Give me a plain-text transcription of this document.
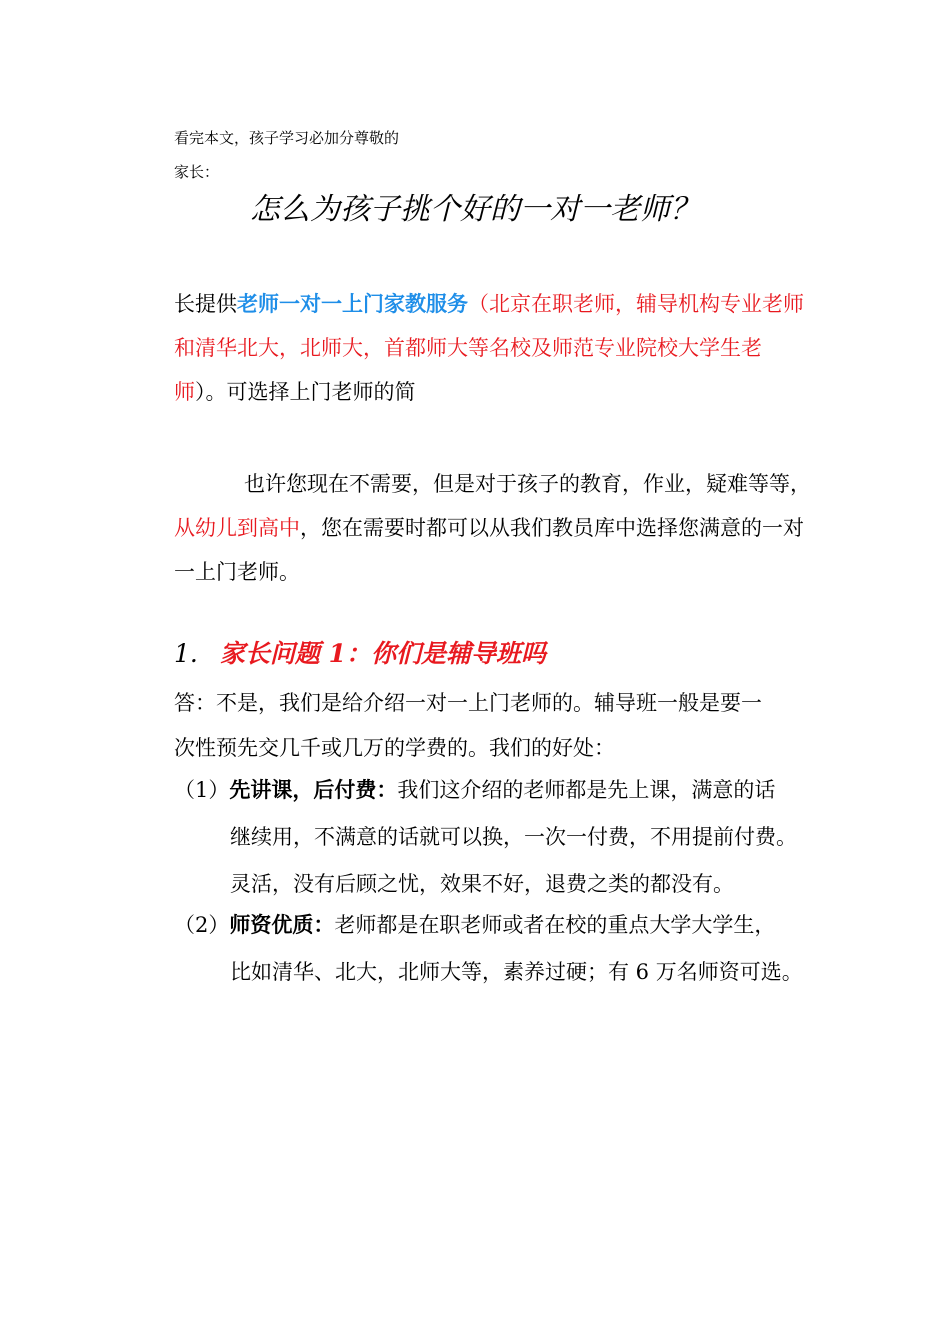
看完本文，孩子学习必加分尊敬的
家长：
怎么为孩子挑个好的一对一老师？
长提供老师一对一上门家教服务（北京在职老师，辅导机构专业老师和清华北大，北师大，首都师大等名校及师范专业院校大学生老师）。可选择上门老师的简
也许您现在不需要，但是对于孩子的教育，作业，疑难等等，从幼儿到高中，您在需要时都可以从我们教员库中选择您满意的一对一上门老师。
1. 家长问题 1：你们是辅导班吗
答：不是，我们是给介绍一对一上门老师的。辅导班一般是要一
次性预先交几千或几万的学费的。我们的好处：
（1）先讲课，后付费：我们这介绍的老师都是先上课，满意的话
继续用，不满意的话就可以换，一次一付费，不用提前付费。
灵活，没有后顾之忧，效果不好，退费之类的都没有。
（2）师资优质：老师都是在职老师或者在校的重点大学大学生，
比如清华、北大，北师大等，素养过硬；有 6 万名师资可选。
